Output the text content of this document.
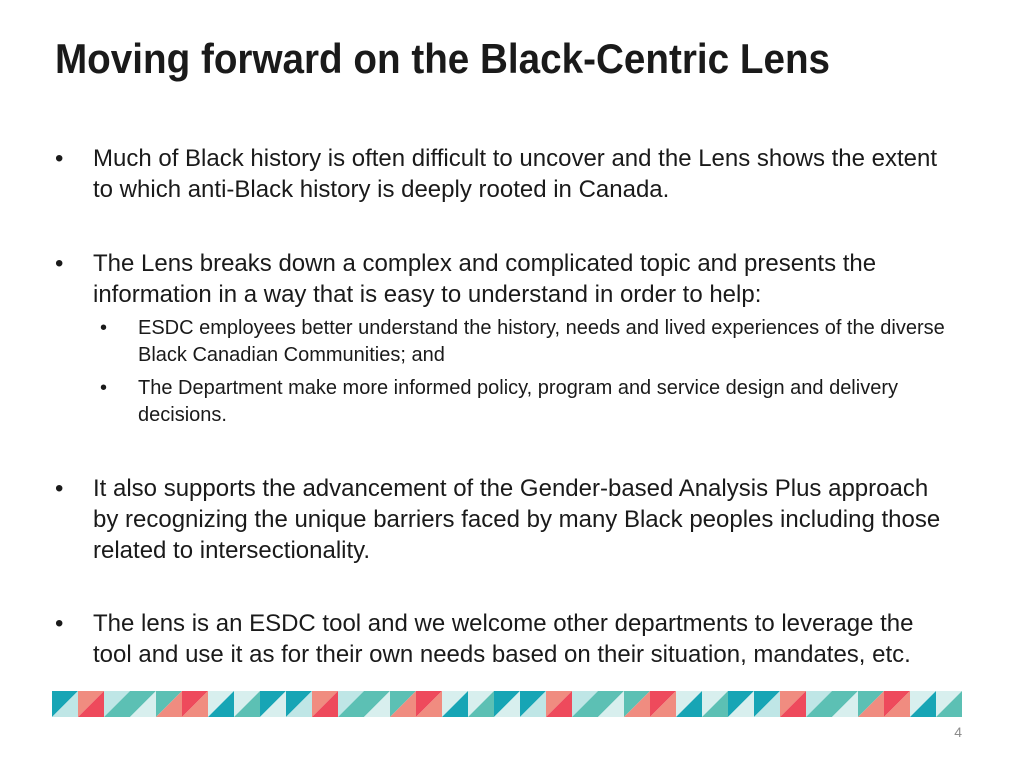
Moving forward on the Black-Centric Lens
•	Much of Black history is often difficult to uncover and the Lens shows the extent to which anti-Black history is deeply rooted in Canada.
•	The Lens breaks down a complex and complicated topic and presents the information in a way that is easy to understand in order to help:
• ESDC employees better understand the history, needs and lived experiences of the diverse Black Canadian Communities; and
• The Department make more informed policy, program and service design and delivery decisions.
•	It also supports the advancement of the Gender-based Analysis Plus approach by recognizing the unique barriers faced by many Black peoples including those related to intersectionality.
•	The lens is an ESDC tool and we welcome other departments to leverage the tool and use it as for their own needs based on their situation, mandates, etc.
4
